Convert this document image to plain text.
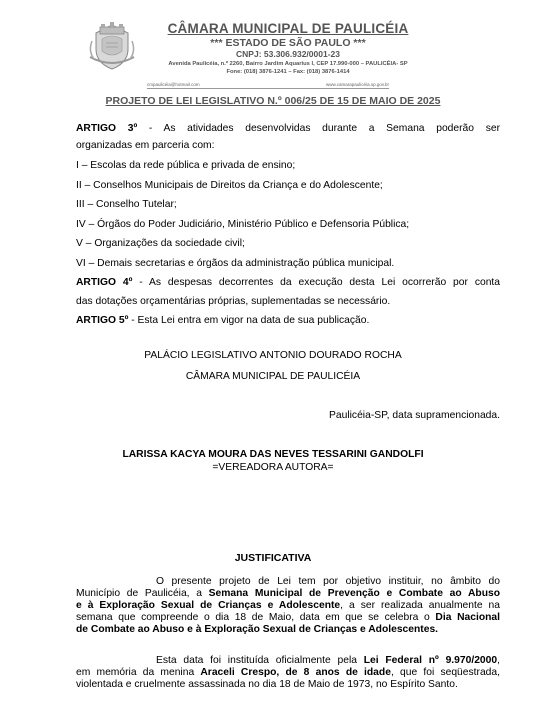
CÂMARA MUNICIPAL DE PAULICÉIA
*** ESTADO DE SÃO PAULO ***
CNPJ: 53.306.932/0001-23
Avenida Paulicéia, n.º 2260, Bairro Jardim Aquarius I, CEP 17.990-000 – PAULICÉIA- SP
Fone: (018) 3876-1241 – Fax: (018) 3876-1414
cmpaulicéia@hotmail.com	www.camarapaulicéia.sp.gov.br
PROJETO DE LEI LEGISLATIVO N.º 006/25 DE 15 DE MAIO DE 2025
ARTIGO 3º - As atividades desenvolvidas durante a Semana poderão ser
organizadas em parceria com:
I – Escolas da rede pública e privada de ensino;
II – Conselhos Municipais de Direitos da Criança e do Adolescente;
III – Conselho Tutelar;
IV – Órgãos do Poder Judiciário, Ministério Público e Defensoria Pública;
V – Organizações da sociedade civil;
VI – Demais secretarias e órgãos da administração pública municipal.
ARTIGO 4º - As despesas decorrentes da execução desta Lei ocorrerão por conta
das dotações orçamentárias próprias, suplementadas se necessário.
ARTIGO 5º - Esta Lei entra em vigor na data de sua publicação.
PALÁCIO LEGISLATIVO ANTONIO DOURADO ROCHA
CÂMARA MUNICIPAL DE PAULICÉIA
Paulicéia-SP, data supramencionada.
LARISSA KACYA MOURA DAS NEVES TESSARINI GANDOLFI
=VEREADORA AUTORA=
JUSTIFICATIVA
O presente projeto de Lei tem por objetivo instituir, no âmbito do
Município de Paulicéia, a Semana Municipal de Prevenção e Combate ao Abuso
e à Exploração Sexual de Crianças e Adolescente, a ser realizada anualmente na
semana que compreende o dia 18 de Maio, data em que se celebra o Dia Nacional
de Combate ao Abuso e à Exploração Sexual de Crianças e Adolescentes.
Esta data foi instituída oficialmente pela Lei Federal nº 9.970/2000,
em memória da menina Araceli Crespo, de 8 anos de idade, que foi seqüestrada,
violentada e cruelmente assassinada no dia 18 de Maio de 1973, no Espírito Santo.
